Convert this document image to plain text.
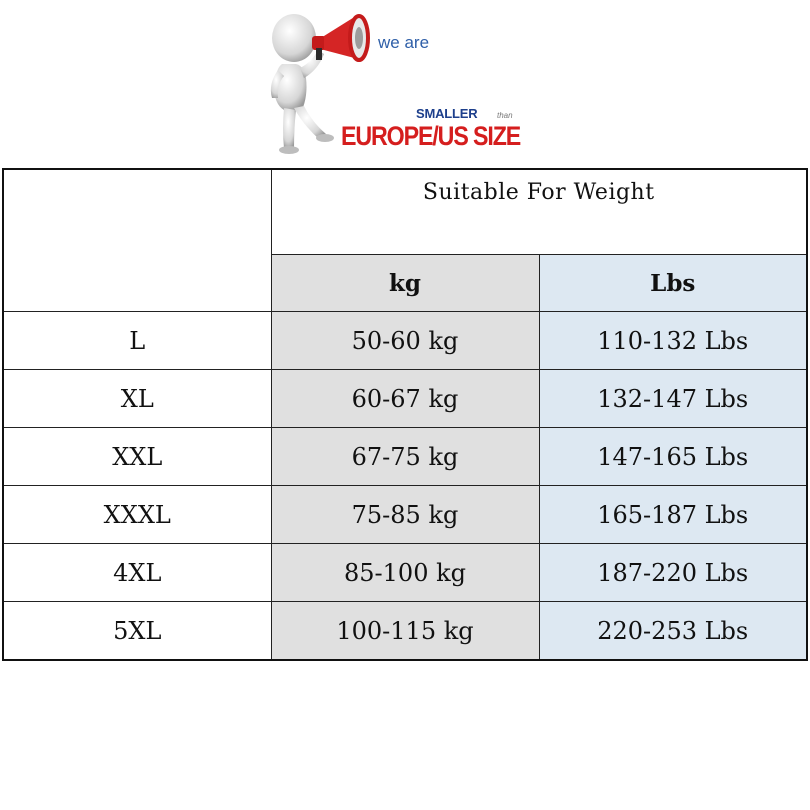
we are
SMALLER than
EUROPE/US SIZE
	Suitable For Weight	
	kg	Lbs
L	50-60 kg	110-132 Lbs
XL	60-67 kg	132-147 Lbs
XXL	67-75 kg	147-165 Lbs
XXXL	75-85 kg	165-187 Lbs
4XL	85-100 kg	187-220 Lbs
5XL	100-115 kg	220-253 Lbs
